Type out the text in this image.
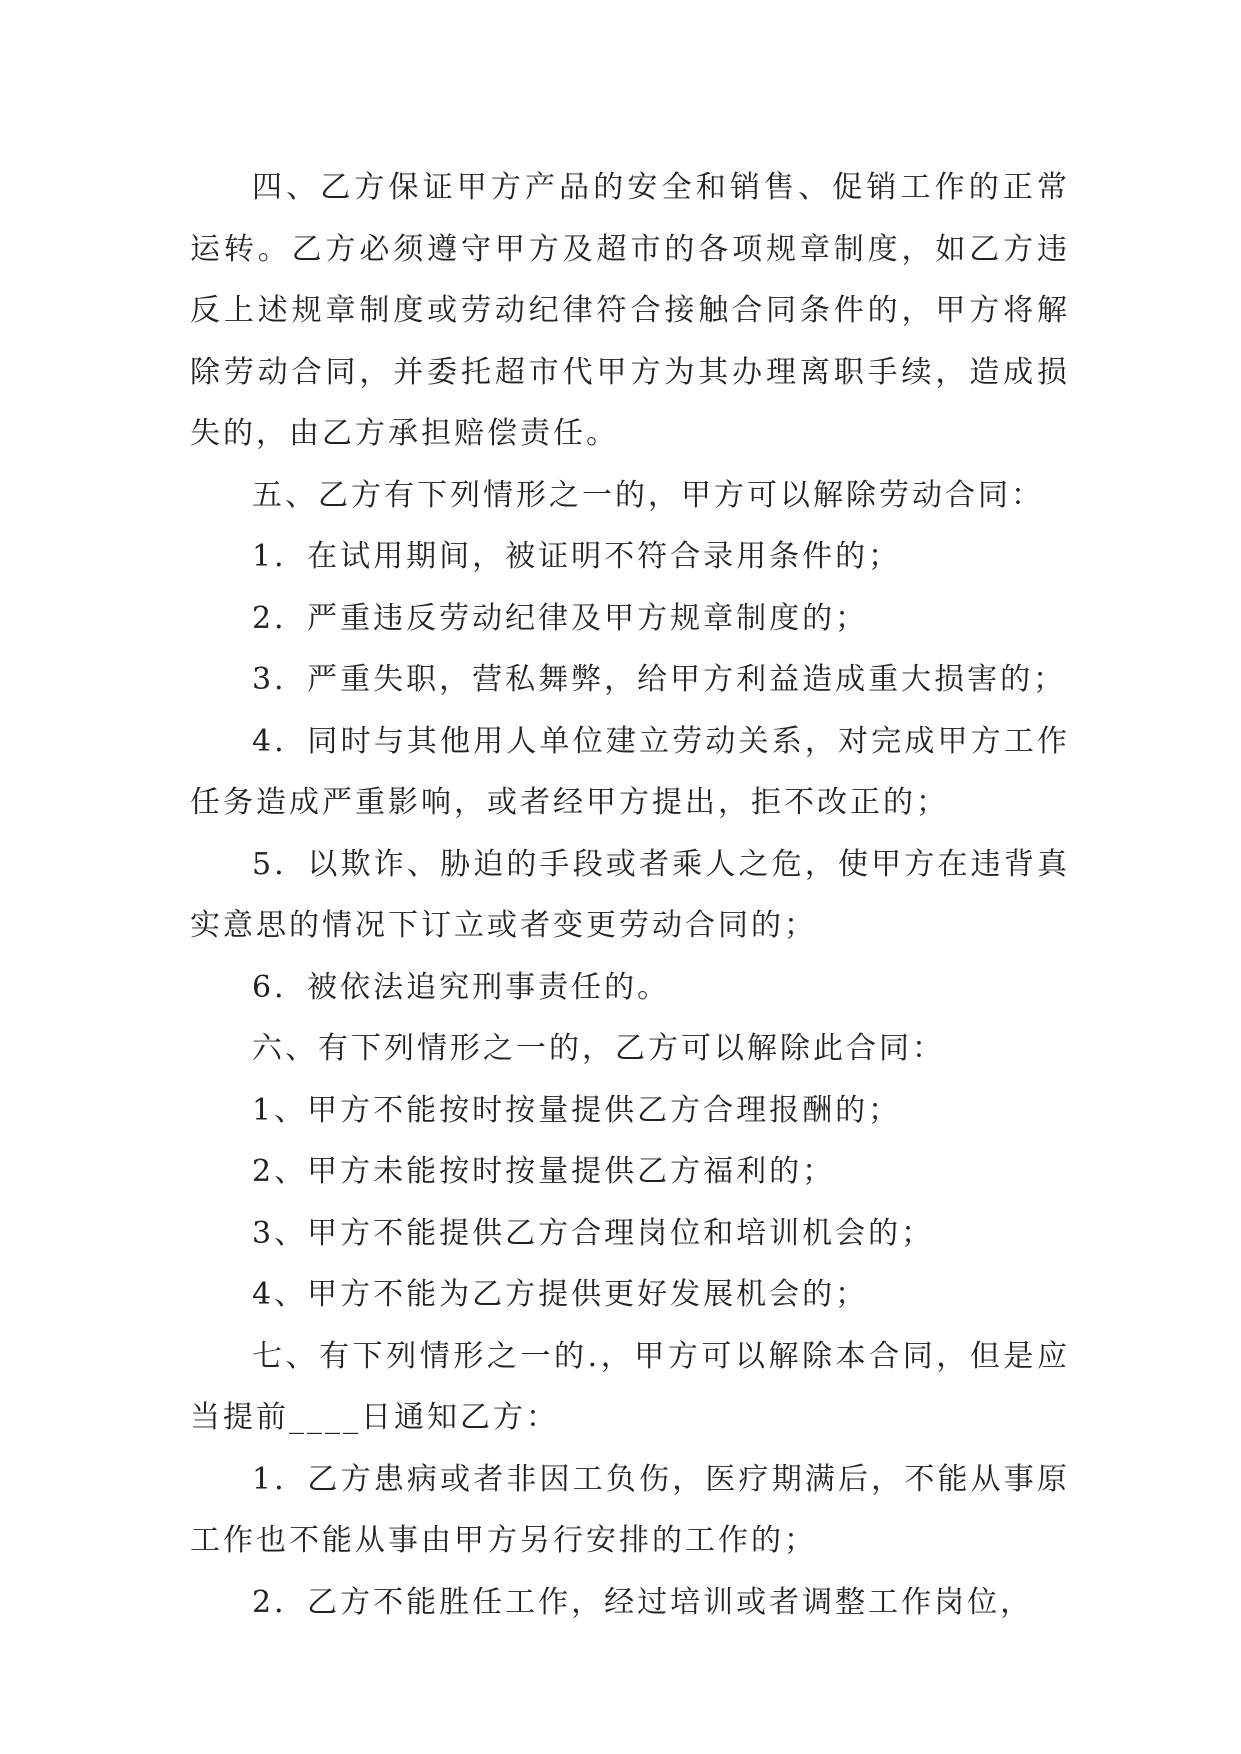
四、乙方保证甲方产品的安全和销售、促销工作的正常运转。乙方必须遵守甲方及超市的各项规章制度，如乙方违反上述规章制度或劳动纪律符合接触合同条件的，甲方将解除劳动合同，并委托超市代甲方为其办理离职手续，造成损失的，由乙方承担赔偿责任。

五、乙方有下列情形之一的，甲方可以解除劳动合同：

1．在试用期间，被证明不符合录用条件的；

2．严重违反劳动纪律及甲方规章制度的；

3．严重失职，营私舞弊，给甲方利益造成重大损害的；

4．同时与其他用人单位建立劳动关系，对完成甲方工作任务造成严重影响，或者经甲方提出，拒不改正的；

5．以欺诈、胁迫的手段或者乘人之危，使甲方在违背真实意思的情况下订立或者变更劳动合同的；

6．被依法追究刑事责任的。

六、有下列情形之一的，乙方可以解除此合同：

1、甲方不能按时按量提供乙方合理报酬的；

2、甲方未能按时按量提供乙方福利的；

3、甲方不能提供乙方合理岗位和培训机会的；

4、甲方不能为乙方提供更好发展机会的；

七、有下列情形之一的.，甲方可以解除本合同，但是应当提前____日通知乙方：

1．乙方患病或者非因工负伤，医疗期满后，不能从事原工作也不能从事由甲方另行安排的工作的；

2．乙方不能胜任工作，经过培训或者调整工作岗位，
